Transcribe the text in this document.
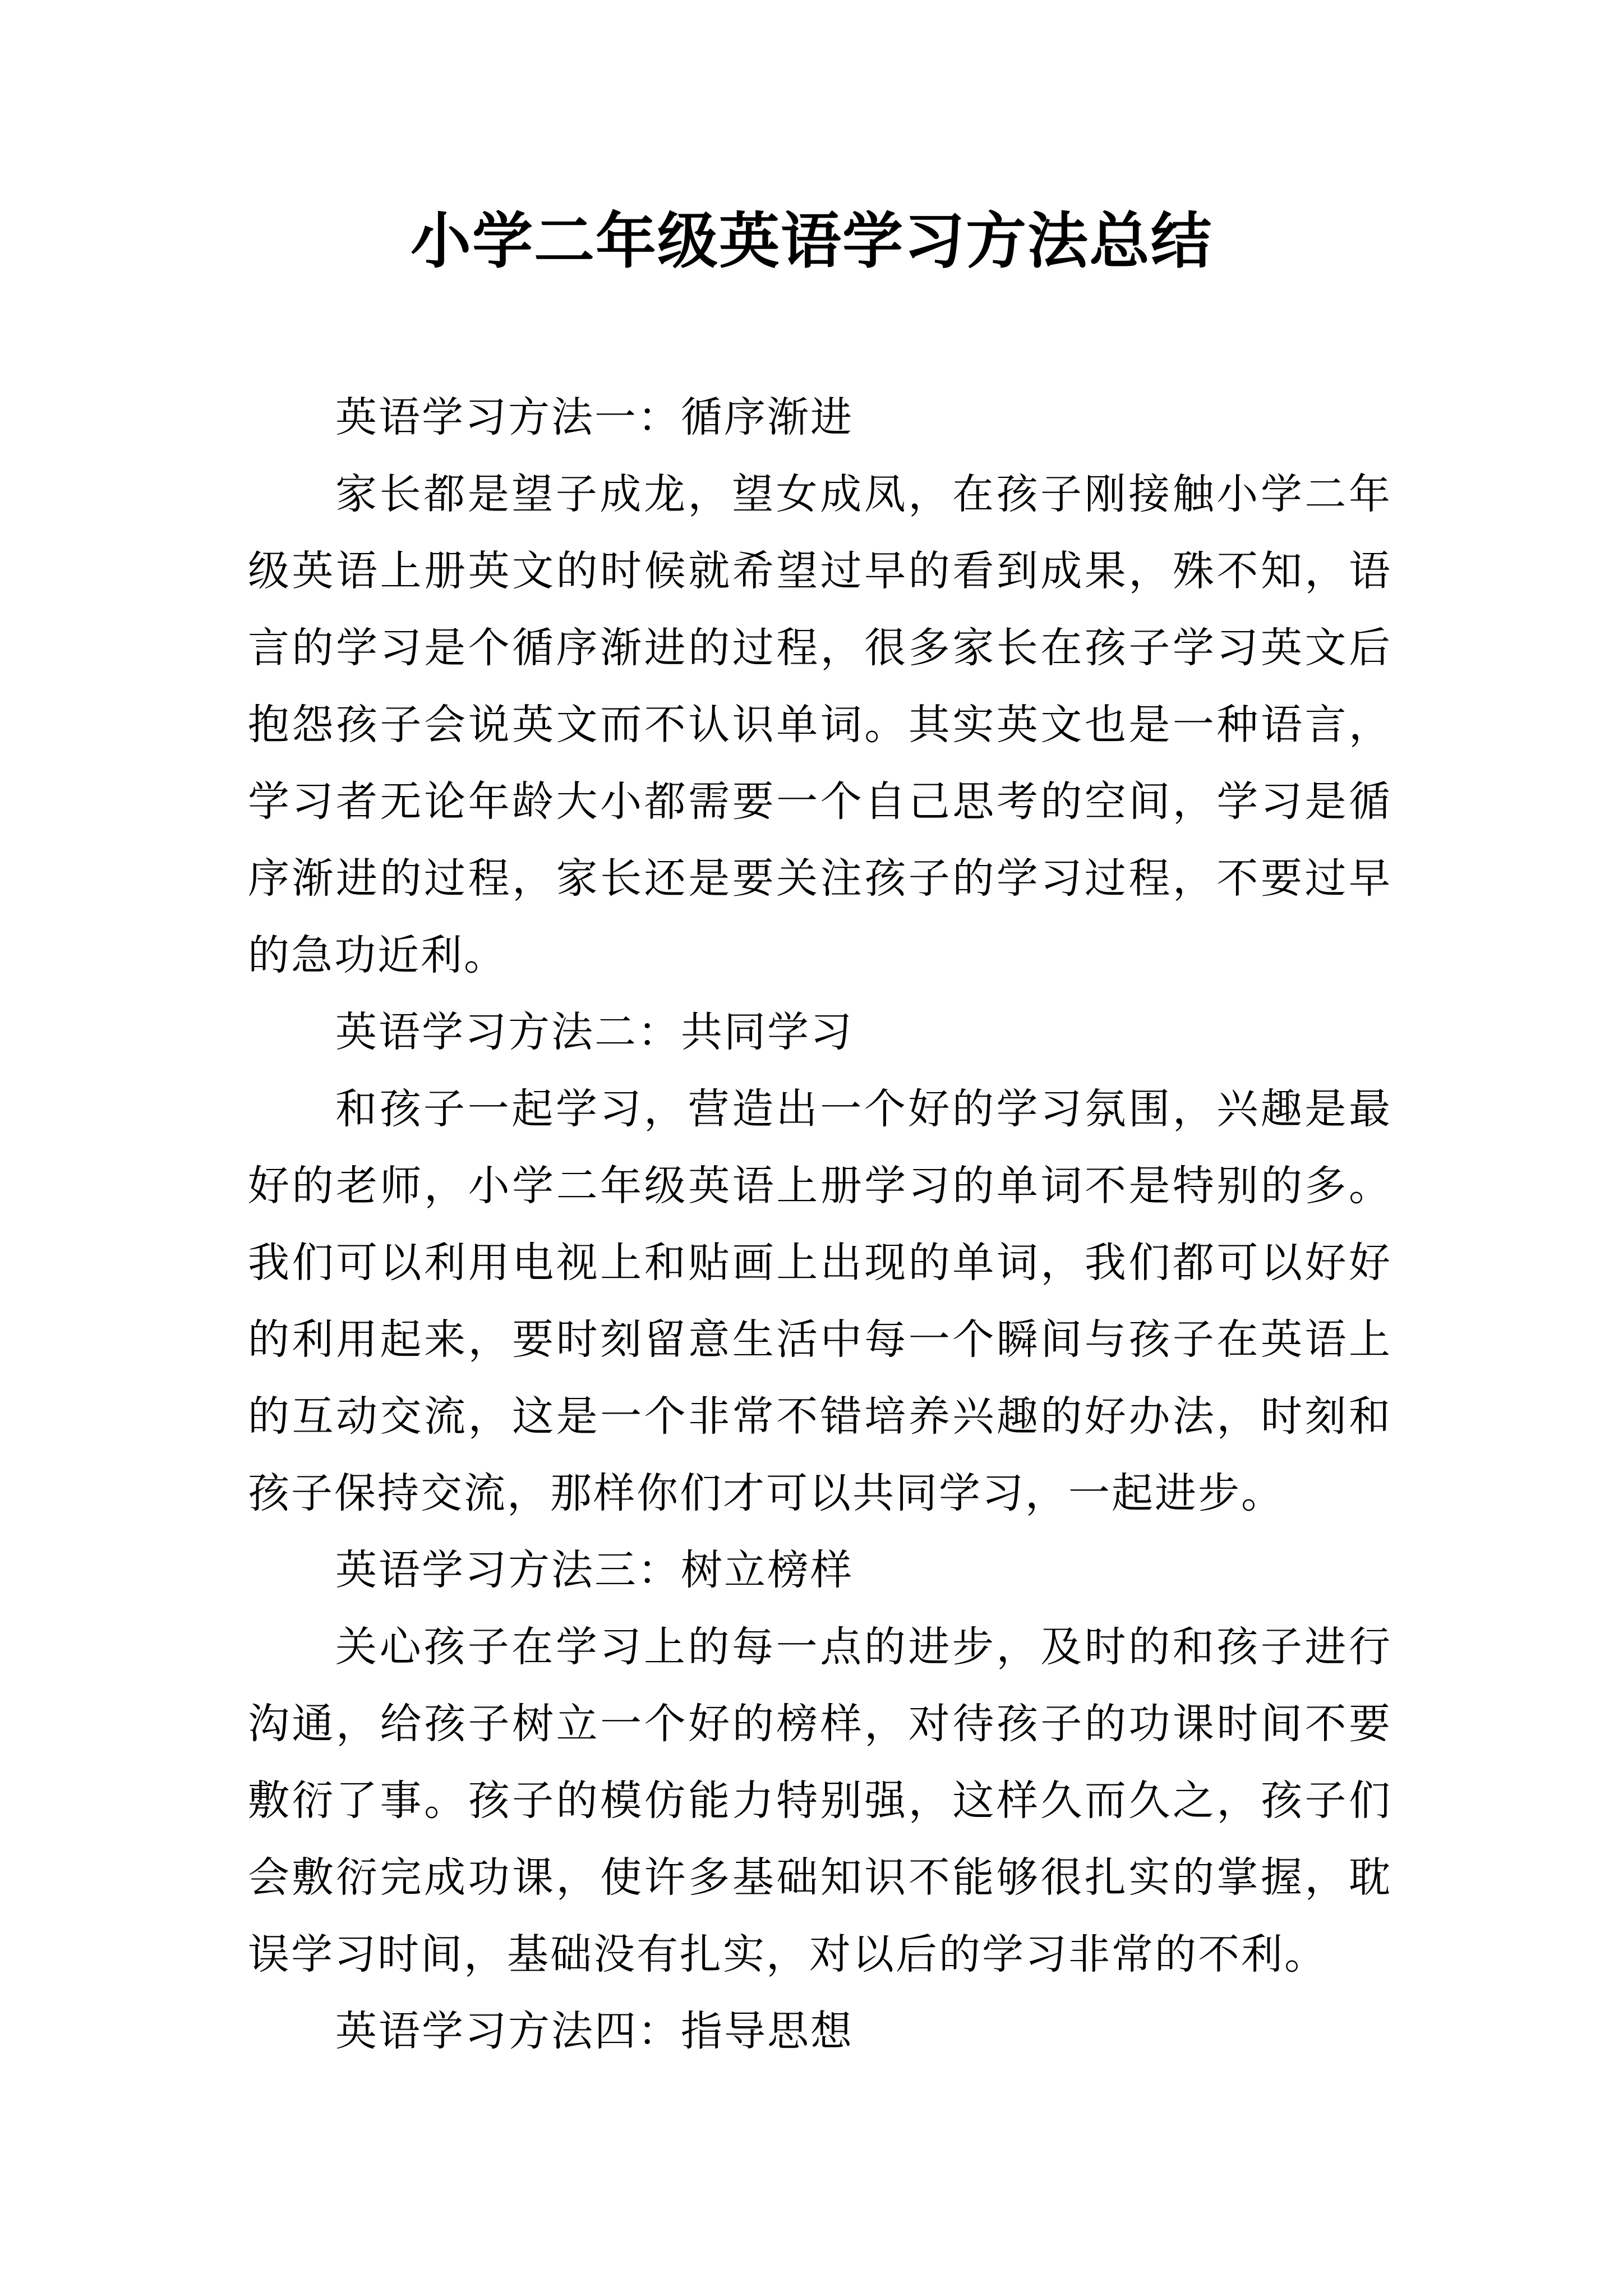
小学二年级英语学习方法总结

英语学习方法一：循序渐进

家长都是望子成龙，望女成凤，在孩子刚接触小学二年级英语上册英文的时候就希望过早的看到成果，殊不知，语言的学习是个循序渐进的过程，很多家长在孩子学习英文后抱怨孩子会说英文而不认识单词。其实英文也是一种语言，学习者无论年龄大小都需要一个自己思考的空间，学习是循序渐进的过程，家长还是要关注孩子的学习过程，不要过早的急功近利。

英语学习方法二：共同学习

和孩子一起学习，营造出一个好的学习氛围，兴趣是最好的老师，小学二年级英语上册学习的单词不是特别的多。我们可以利用电视上和贴画上出现的单词，我们都可以好好的利用起来，要时刻留意生活中每一个瞬间与孩子在英语上的互动交流，这是一个非常不错培养兴趣的好办法，时刻和孩子保持交流，那样你们才可以共同学习，一起进步。

英语学习方法三：树立榜样

关心孩子在学习上的每一点的进步，及时的和孩子进行沟通，给孩子树立一个好的榜样，对待孩子的功课时间不要敷衍了事。孩子的模仿能力特别强，这样久而久之，孩子们会敷衍完成功课，使许多基础知识不能够很扎实的掌握，耽误学习时间，基础没有扎实，对以后的学习非常的不利。

英语学习方法四：指导思想
